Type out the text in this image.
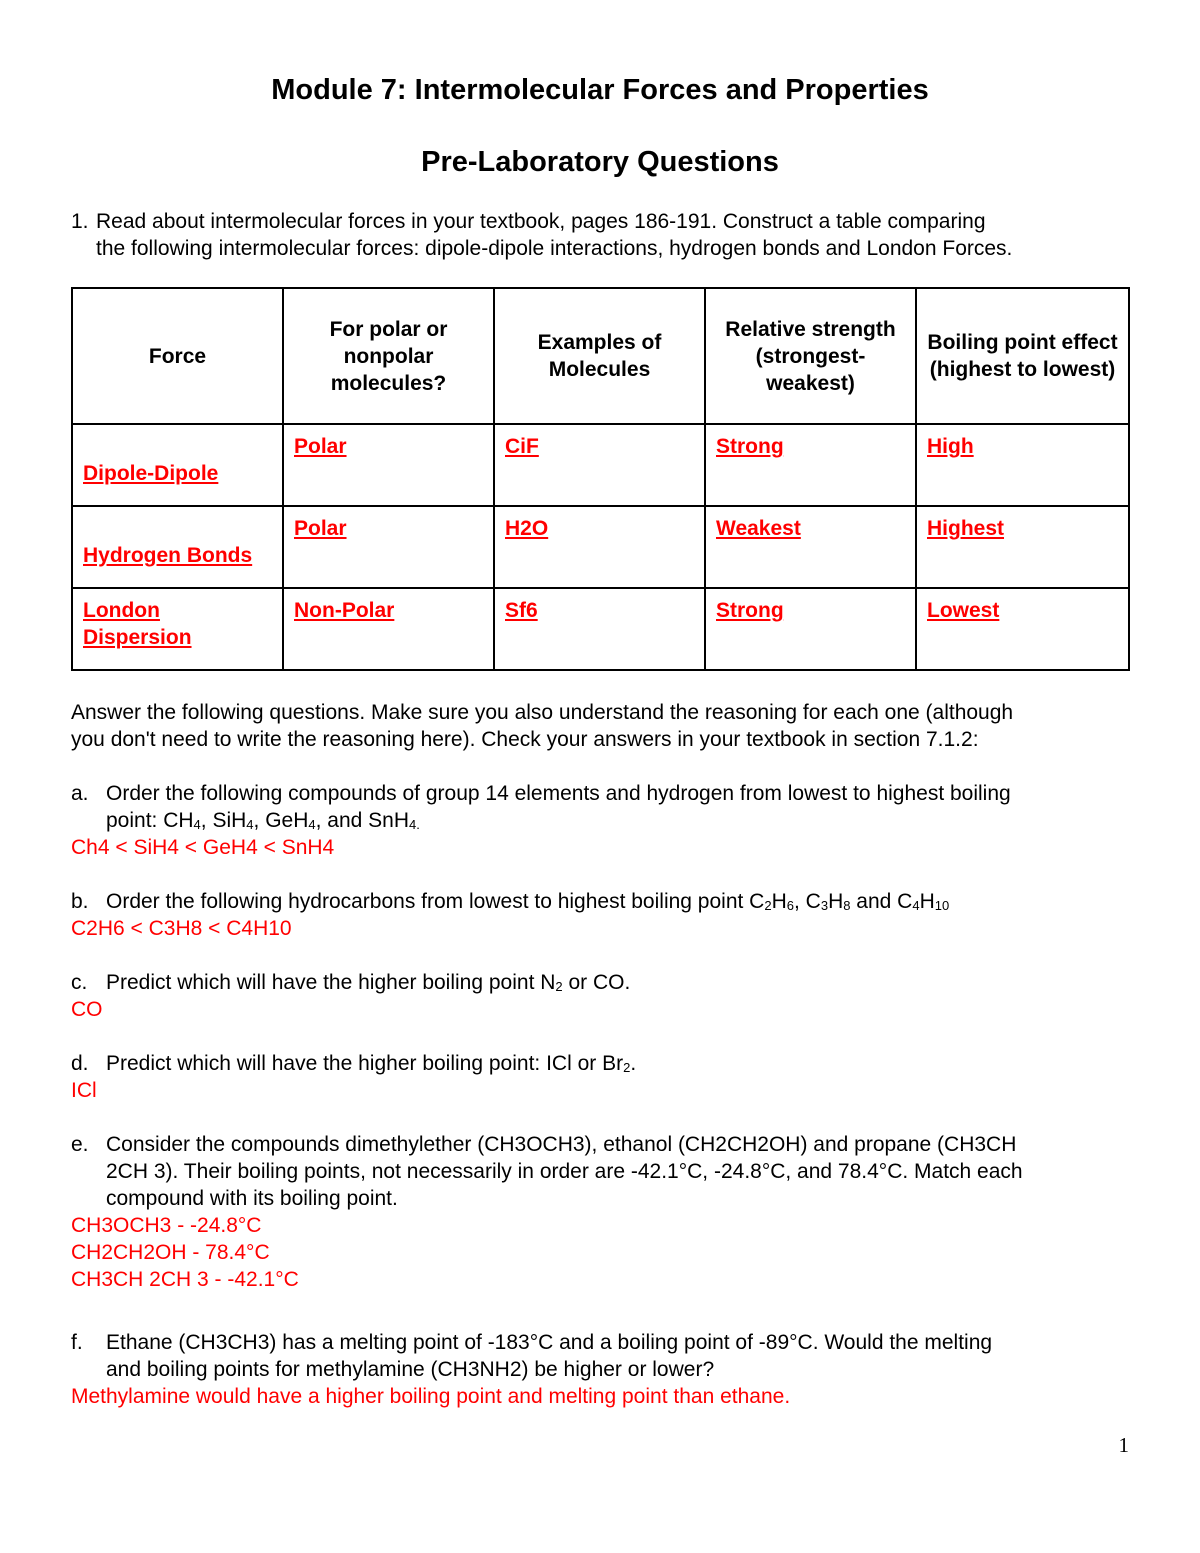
Module 7: Intermolecular Forces and Properties
Pre-Laboratory Questions
1. Read about intermolecular forces in your textbook, pages 186-191. Construct a table comparing
the following intermolecular forces: dipole-dipole interactions, hydrogen bonds and London Forces.
Force	For polar or nonpolar molecules?	Examples of Molecules	Relative strength (strongest-weakest)	Boiling point effect (highest to lowest)
Dipole-Dipole	Polar	CiF	Strong	High
Hydrogen Bonds	Polar	H2O	Weakest	Highest
London Dispersion	Non-Polar	Sf6	Strong	Lowest
Answer the following questions. Make sure you also understand the reasoning for each one (although
you don't need to write the reasoning here). Check your answers in your textbook in section 7.1.2:
a. Order the following compounds of group 14 elements and hydrogen from lowest to highest boiling
point: $CH_4$, SiH$_4$, GeH$_4$, and SnH$_{4.}$
Ch4 < SiH4 < GeH4 < SnH4
b. Order the following hydrocarbons from lowest to highest boiling point $C_2H_6$, $C_3H_8$ and $C_4H_{10}$
C2H6 < C3H8 < C4H10
c. Predict which will have the higher boiling point $N_2$ or CO.
CO
d. Predict which will have the higher boiling point: ICl or $Br_2$.
ICl
e. Consider the compounds dimethylether (CH3OCH3), ethanol (CH2CH2OH) and propane (CH3CH
2CH 3). Their boiling points, not necessarily in order are -42.1°C, -24.8°C, and 78.4°C. Match each
compound with its boiling point.
CH3OCH3 - -24.8°C
CH2CH2OH - 78.4°C
CH3CH 2CH 3 - -42.1°C
f. Ethane (CH3CH3) has a melting point of -183°C and a boiling point of -89°C. Would the melting
and boiling points for methylamine (CH3NH2) be higher or lower?
Methylamine would have a higher boiling point and melting point than ethane.
1
